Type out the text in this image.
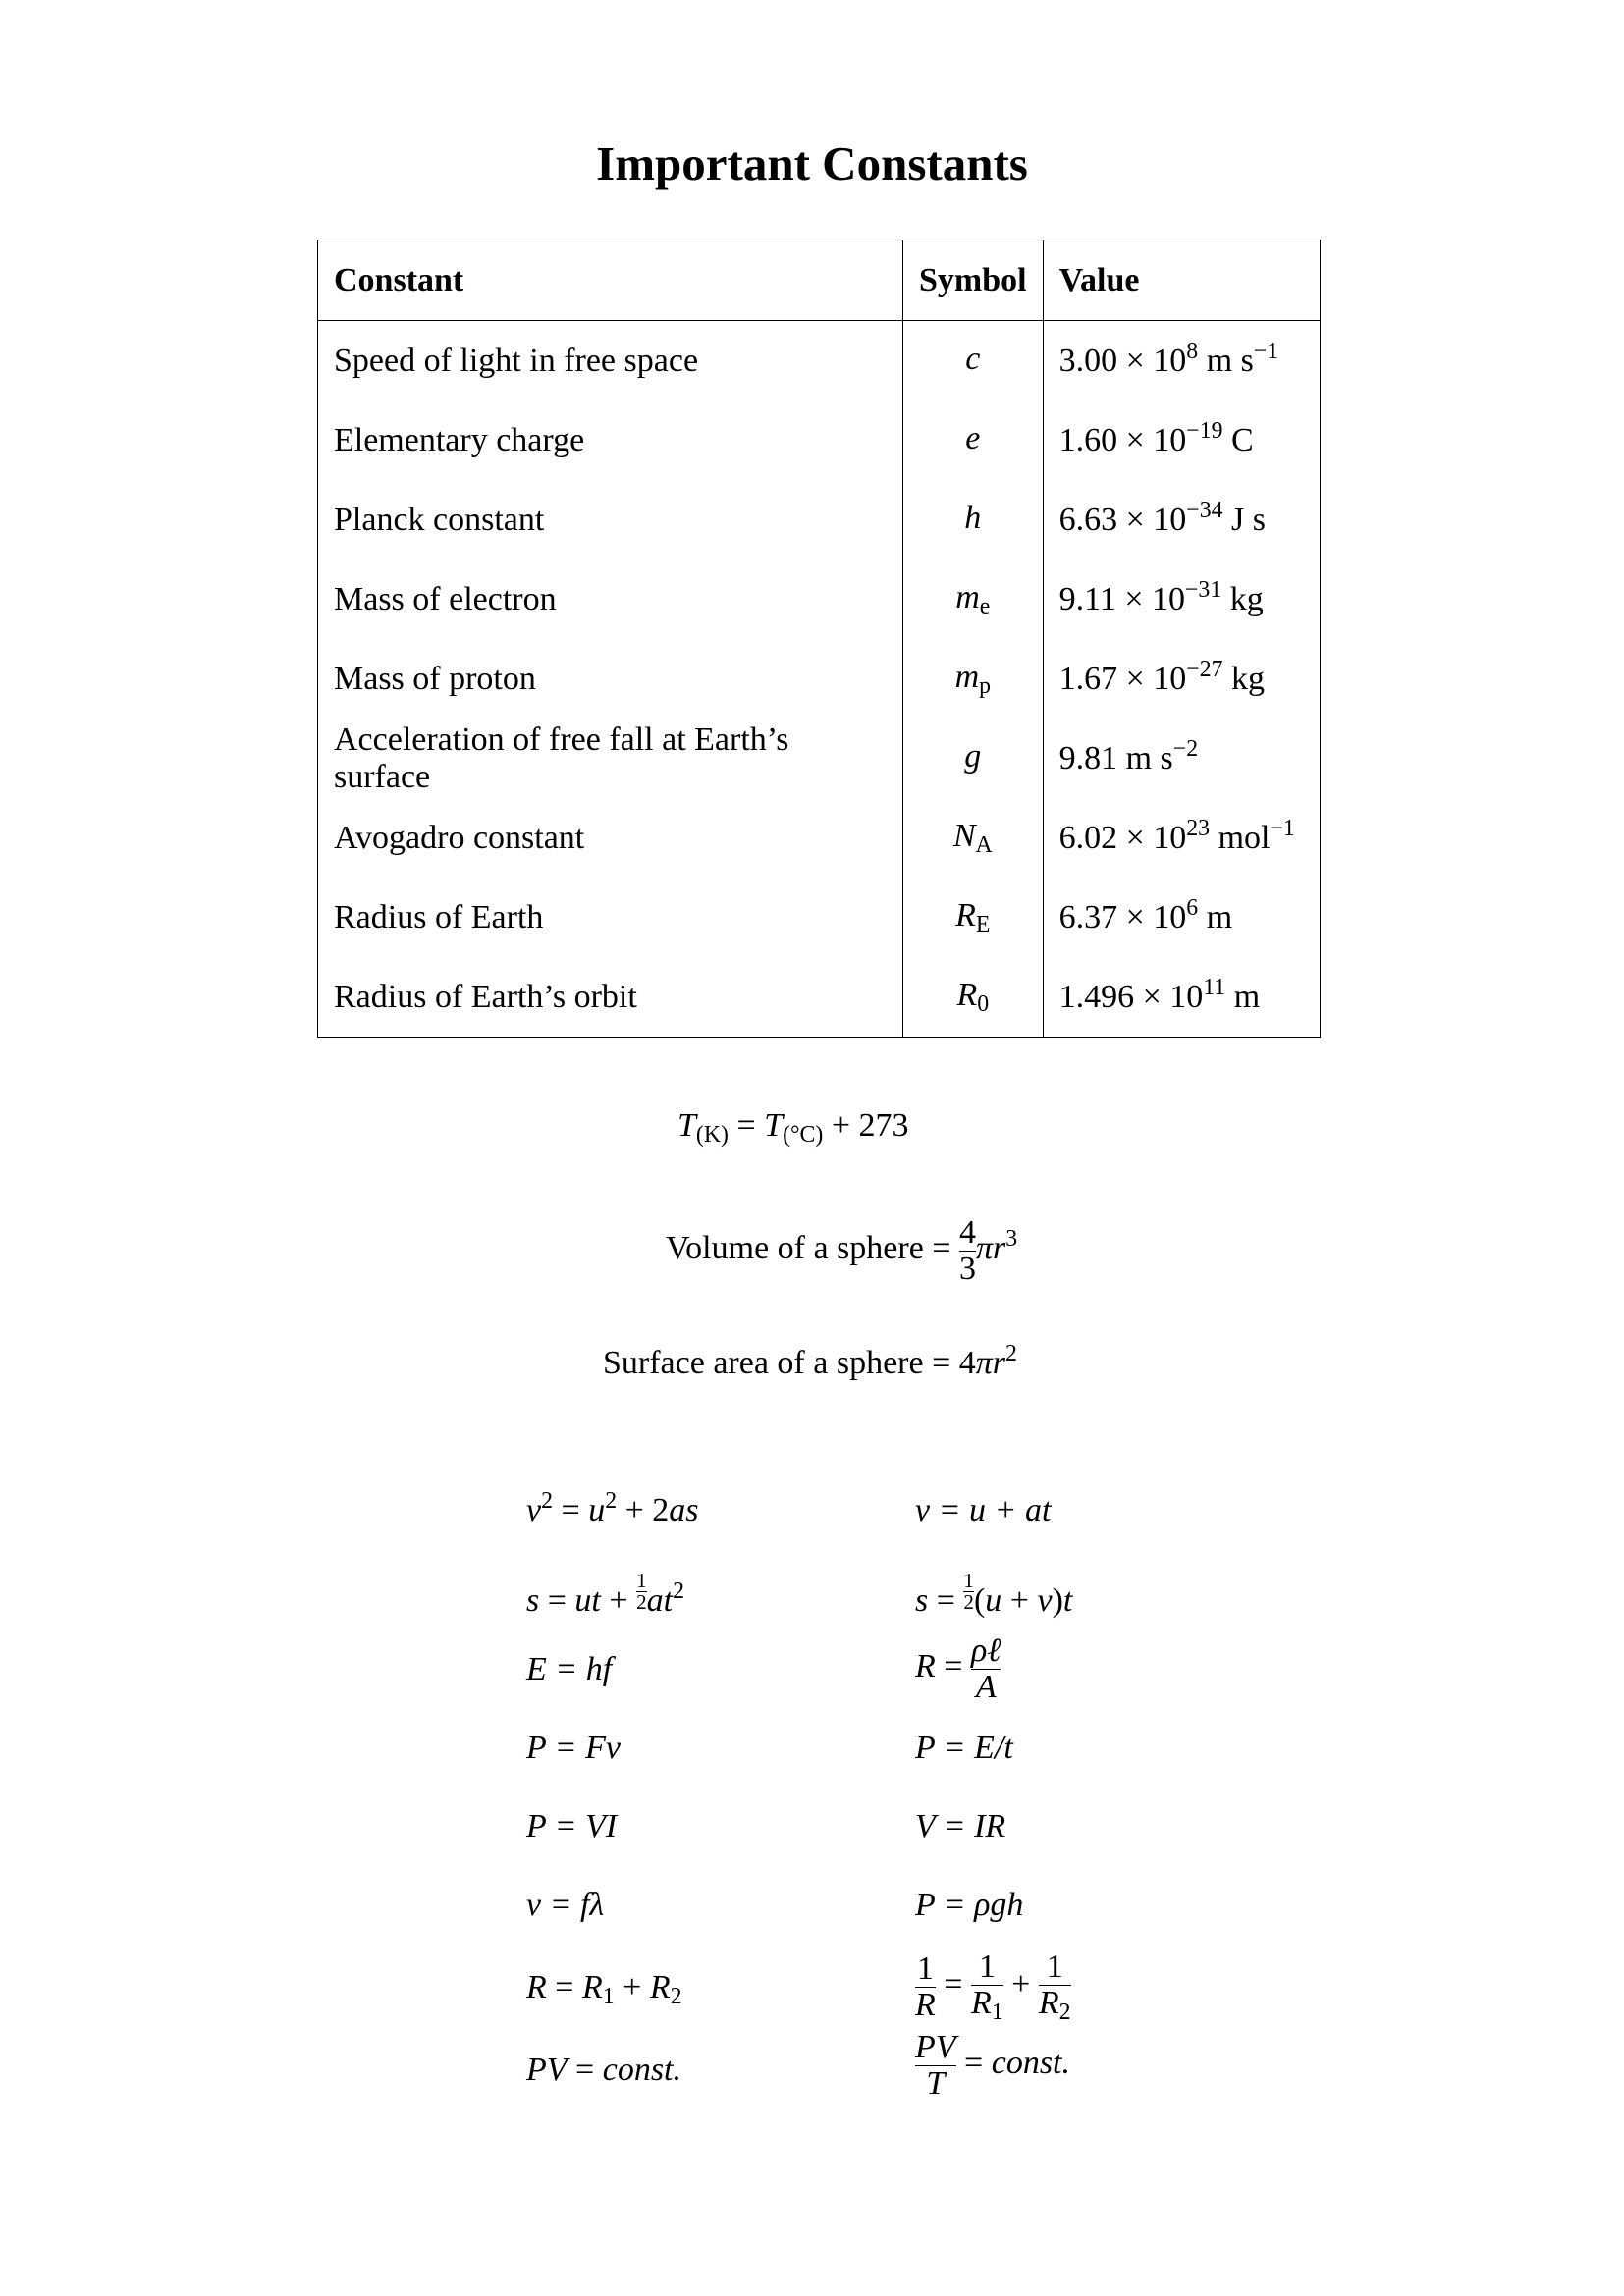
Important Constants
Constant	Symbol	Value
Speed of light in free space	c	$3.00 \times 10^8$ m $s^{-1}$
Elementary charge	e	$1.60 \times 10^{-19}$ C
Planck constant	h	$6.63 \times 10^{-34}$ J s
Mass of electron	$m_e$	$9.11 \times 10^{-31}$ kg
Mass of proton	$m_p$	$1.67 \times 10^{-27}$ kg
Acceleration of free fall at Earth’s surface	g	9.81 m $s^{-2}$
Avogadro constant	$N_A$	$6.02 \times 10^{23}$ mol$^{-1}$
Radius of Earth	$R_E$	$6.37 \times 10^6$ m
Radius of Earth’s orbit	$R_0$	$1.496 \times 10^{11}$ m
$T_{(K)} = T_{(^\circ C)} + 273$
Volume of a sphere = $\frac{4}{3} \pi r^3$
Surface area of a sphere = $4\pi r^2$
$v^2 = u^2 + 2as$
s = ut + $\frac{1}{2} at^2$
E = hf
P = Fv
P = VI
v = fλ
$R = R_1 + R_2$
PV = const.
v = u + at
$s = \frac{1}{2} (u + v)t$
$R = \frac{\text{ρℓ}}{A}$
P = E/t
V = IR
P = ρgh
$\frac{1}{R} = \frac{1}{R_1} + \frac{1}{R_2}$
$\frac{PV}{T}$ = const.
